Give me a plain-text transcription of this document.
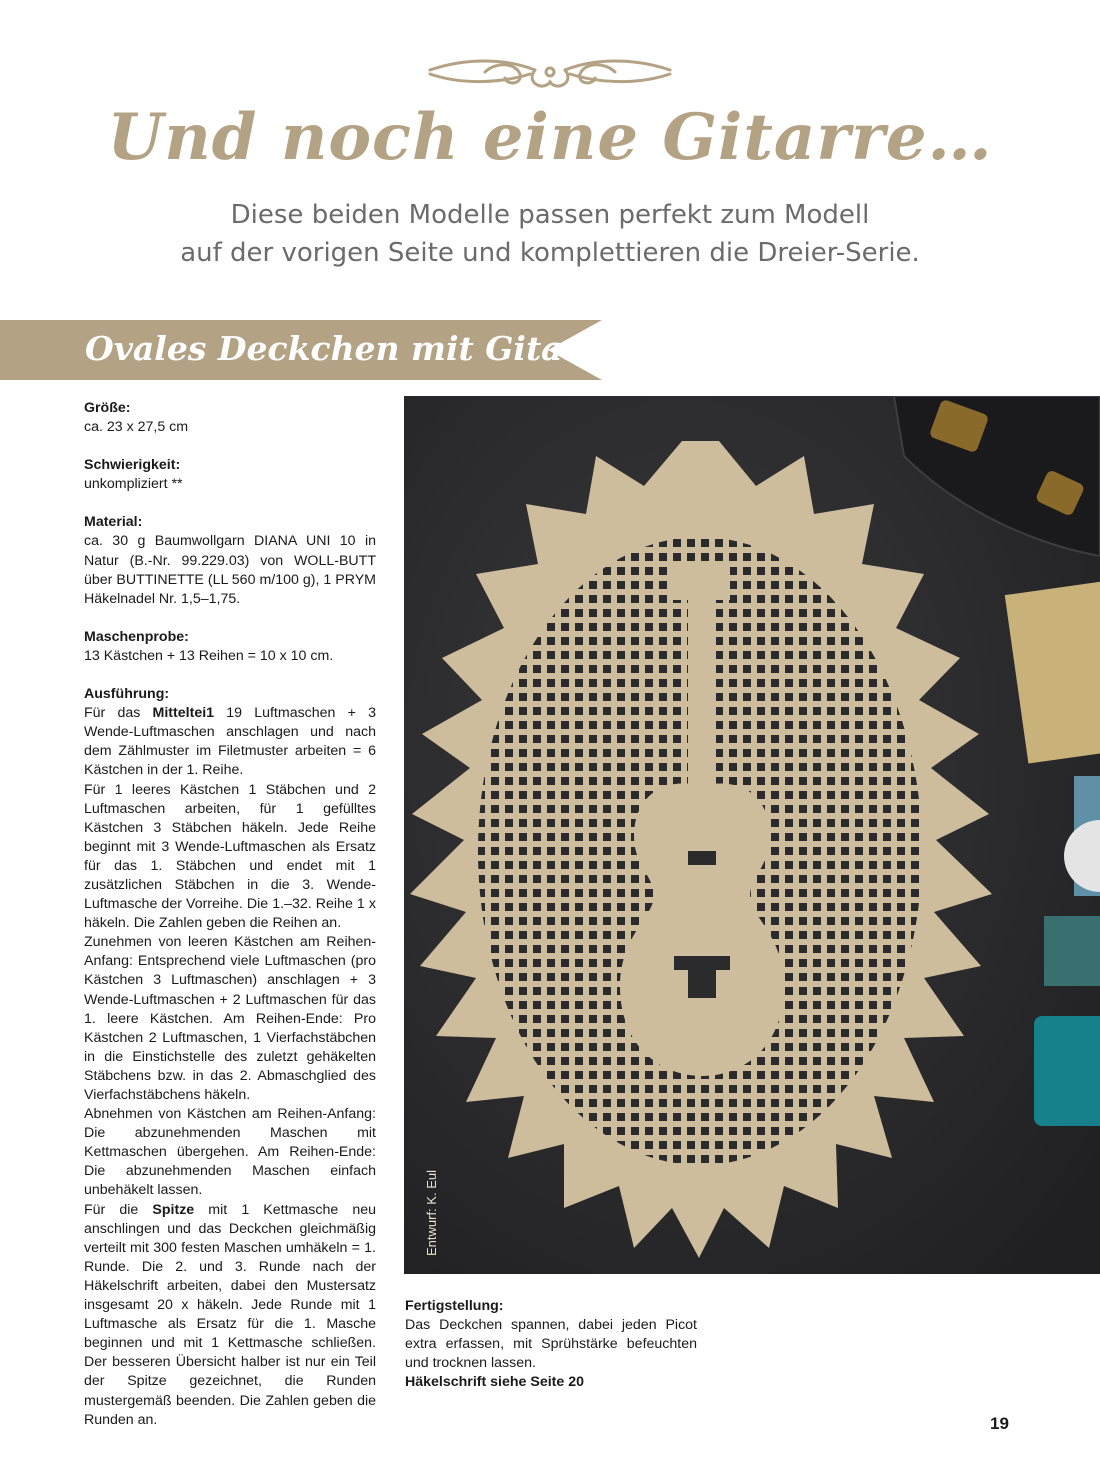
Und noch eine Gitarre…
Diese beiden Modelle passen perfekt zum Modell
auf der vorigen Seite und komplettieren die Dreier-Serie.
Ovales Deckchen mit Gitarre
Größe:
ca. 23 x 27,5 cm
Schwierigkeit:
unkompliziert **
Material:

ca. 30 g Baumwollgarn DIANA UNI 10 in Natur (B.-Nr. 99.229.03) von WOLL-BUTT über BUTTINETTE (LL 560 m/100 g), 1 PRYM Häkelnadel Nr. 1,5–1,75.

Maschenprobe:
13 Kästchen + 13 Reihen = 10 x 10 cm.
Ausführung:

Für das Mitteltei1 19 Luftmaschen + 3 Wende-Luftmaschen anschlagen und nach dem Zählmuster im Filetmuster arbeiten = 6 Kästchen in der 1. Reihe.

Für 1 leeres Kästchen 1 Stäbchen und 2 Luftmaschen arbeiten, für 1 gefülltes Kästchen 3 Stäbchen häkeln. Jede Reihe beginnt mit 3 Wende-Luftmaschen als Ersatz für das 1. Stäbchen und endet mit 1 zusätzlichen Stäbchen in die 3. Wende-Luftmasche der Vorreihe. Die 1.–32. Reihe 1 x häkeln. Die Zahlen geben die Reihen an.

Zunehmen von leeren Kästchen am Reihen-Anfang: Entsprechend viele Luftmaschen (pro Kästchen 3 Luftmaschen) anschlagen + 3 Wende-Luftmaschen + 2 Luftmaschen für das 1. leere Kästchen. Am Reihen-Ende: Pro Kästchen 2 Luftmaschen, 1 Vierfachstäbchen in die Einstichstelle des zuletzt gehäkelten Stäbchens bzw. in das 2. Abmaschglied des Vierfachstäbchens häkeln.

Abnehmen von Kästchen am Reihen-Anfang: Die abzunehmenden Maschen mit Kettmaschen übergehen. Am Reihen-Ende: Die abzunehmenden Maschen einfach unbehäkelt lassen.

Für die Spitze mit 1 Kettmasche neu anschlingen und das Deckchen gleichmäßig verteilt mit 300 festen Maschen umhäkeln = 1. Runde. Die 2. und 3. Runde nach der Häkelschrift arbeiten, dabei den Mustersatz insgesamt 20 x häkeln. Jede Runde mit 1 Luftmasche als Ersatz für die 1. Masche beginnen und mit 1 Kettmasche schließen. Der besseren Übersicht halber ist nur ein Teil der Spitze gezeichnet, die Runden mustergemäß beenden. Die Zahlen geben die Runden an.

Entwurf: K. Eul
Fertigstellung:

Das Deckchen spannen, dabei jeden Picot extra erfassen, mit Sprühstärke befeuchten und trocknen lassen.

Häkelschrift siehe Seite 20
19
